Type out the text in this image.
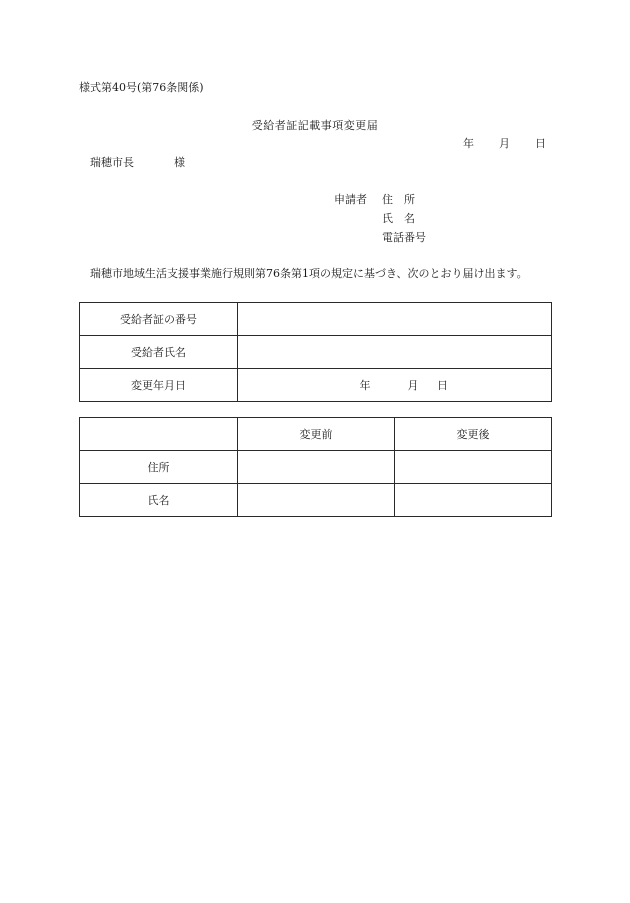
様式第40号(第76条関係)
受給者証記載事項変更届
年 月 日
瑞穂市長	様
申請者	住　所
氏　名
電話番号
瑞穂市地域生活支援事業施行規則第76条第1項の規定に基づき、次のとおり届け出ます。
受給者証の番号	
受給者氏名	
変更年月日	年 月 日
	変更前	変更後
住所		
氏名		
